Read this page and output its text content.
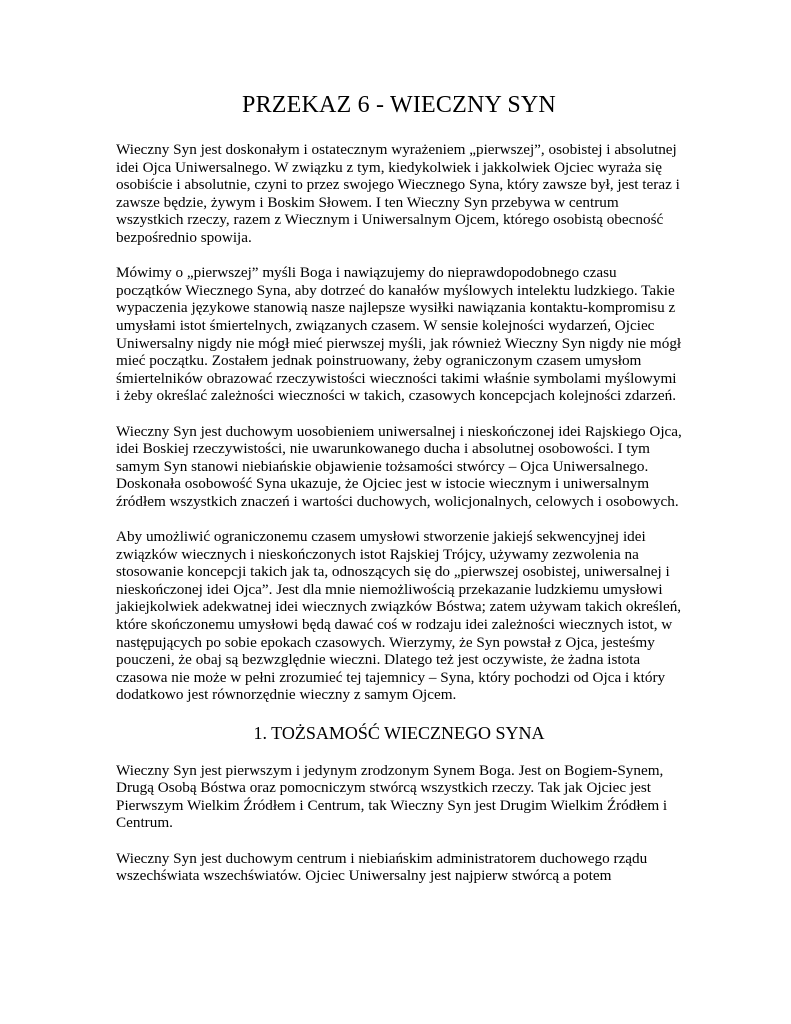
PRZEKAZ 6 - WIECZNY SYN

Wieczny Syn jest doskonałym i ostatecznym wyrażeniem „pierwszej”, osobistej i absolutnej idei Ojca Uniwersalnego. W związku z tym, kiedykolwiek i jakkolwiek Ojciec wyraża się osobiście i absolutnie, czyni to przez swojego Wiecznego Syna, który zawsze był, jest teraz i zawsze będzie, żywym i Boskim Słowem. I ten Wieczny Syn przebywa w centrum wszystkich rzeczy, razem z Wiecznym i Uniwersalnym Ojcem, którego osobistą obecność bezpośrednio spowija.

Mówimy o „pierwszej” myśli Boga i nawiązujemy do nieprawdopodobnego czasu początków Wiecznego Syna, aby dotrzeć do kanałów myślowych intelektu ludzkiego. Takie wypaczenia językowe stanowią nasze najlepsze wysiłki nawiązania kontaktu-kompromisu z umysłami istot śmiertelnych, związanych czasem. W sensie kolejności wydarzeń, Ojciec Uniwersalny nigdy nie mógł mieć pierwszej myśli, jak również Wieczny Syn nigdy nie mógł mieć początku. Zostałem jednak poinstruowany, żeby ograniczonym czasem umysłom śmiertelników obrazować rzeczywistości wieczności takimi właśnie symbolami myślowymi i żeby określać zależności wieczności w takich, czasowych koncepcjach kolejności zdarzeń.

Wieczny Syn jest duchowym uosobieniem uniwersalnej i nieskończonej idei Rajskiego Ojca, idei Boskiej rzeczywistości, nie uwarunkowanego ducha i absolutnej osobowości. I tym samym Syn stanowi niebiańskie objawienie tożsamości stwórcy – Ojca Uniwersalnego. Doskonała osobowość Syna ukazuje, że Ojciec jest w istocie wiecznym i uniwersalnym źródłem wszystkich znaczeń i wartości duchowych, wolicjonalnych, celowych i osobowych.

Aby umożliwić ograniczonemu czasem umysłowi stworzenie jakiejś sekwencyjnej idei związków wiecznych i nieskończonych istot Rajskiej Trójcy, używamy zezwolenia na stosowanie koncepcji takich jak ta, odnoszących się do „pierwszej osobistej, uniwersalnej i nieskończonej idei Ojca”. Jest dla mnie niemożliwością przekazanie ludzkiemu umysłowi jakiejkolwiek adekwatnej idei wiecznych związków Bóstwa; zatem używam takich określeń, które skończonemu umysłowi będą dawać coś w rodzaju idei zależności wiecznych istot, w następujących po sobie epokach czasowych. Wierzymy, że Syn powstał z Ojca, jesteśmy pouczeni, że obaj są bezwzględnie wieczni. Dlatego też jest oczywiste, że żadna istota czasowa nie może w pełni zrozumieć tej tajemnicy – Syna, który pochodzi od Ojca i który dodatkowo jest równorzędnie wieczny z samym Ojcem.

1. TOŻSAMOŚĆ WIECZNEGO SYNA

Wieczny Syn jest pierwszym i jedynym zrodzonym Synem Boga. Jest on Bogiem-Synem, Drugą Osobą Bóstwa oraz pomocniczym stwórcą wszystkich rzeczy. Tak jak Ojciec jest Pierwszym Wielkim Źródłem i Centrum, tak Wieczny Syn jest Drugim Wielkim Źródłem i Centrum.

Wieczny Syn jest duchowym centrum i niebiańskim administratorem duchowego rządu wszechświata wszechświatów. Ojciec Uniwersalny jest najpierw stwórcą a potem
